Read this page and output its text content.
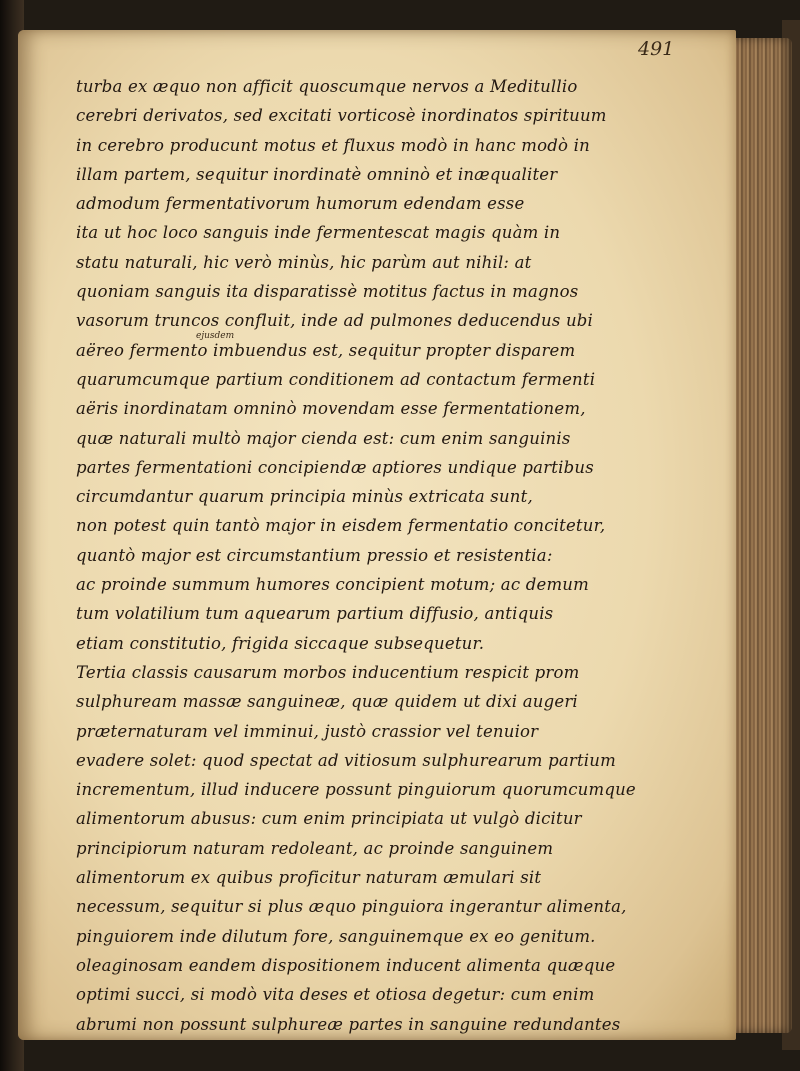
491
ejusdem
turba ex æquo non afficit quoscumque nervos a Meditullio
cerebri derivatos, sed excitati vorticosè inordinatos spirituum
in cerebro producunt motus et fluxus modò in hanc modò in
illam partem, sequitur inordinatè omninò et inæqualiter
admodum fermentativorum humorum edendam esse
ita ut hoc loco sanguis inde fermentescat magis quàm in
statu naturali, hic verò minùs, hic parùm aut nihil: at
quoniam sanguis ita disparatissè motitus factus in magnos
vasorum truncos confluit, inde ad pulmones deducendus ubi
aëreo fermento imbuendus est, sequitur propter disparem
quarumcumque partium conditionem ad contactum fermenti
aëris inordinatam omninò movendam esse fermentationem,
quæ naturali multò major cienda est: cum enim sanguinis
partes fermentationi concipiendæ aptiores undique partibus
circumdantur quarum principia minùs extricata sunt,
non potest quin tantò major in eisdem fermentatio concitetur,
quantò major est circumstantium pressio et resistentia:
ac proinde summum humores concipient motum; ac demum
tum volatilium tum aquearum partium diffusio, antiquis
etiam constitutio, frigida siccaque subsequetur.
Tertia classis causarum morbos inducentium respicit prom
sulphuream massæ sanguineæ, quæ quidem ut dixi augeri
præternaturam vel imminui, justò crassior vel tenuior
evadere solet: quod spectat ad vitiosum sulphurearum partium
incrementum, illud inducere possunt pinguiorum quorumcumque
alimentorum abusus: cum enim principiata ut vulgò dicitur
principiorum naturam redoleant, ac proinde sanguinem
alimentorum ex quibus proficitur naturam æmulari sit
necessum, sequitur si plus æquo pinguiora ingerantur alimenta,
pinguiorem inde dilutum fore, sanguinemque ex eo genitum.
oleaginosam eandem dispositionem inducent alimenta quæque
optimi succi, si modò vita deses et otiosa degetur: cum enim
abrumi non possunt sulphureæ partes in sanguine redundantes
